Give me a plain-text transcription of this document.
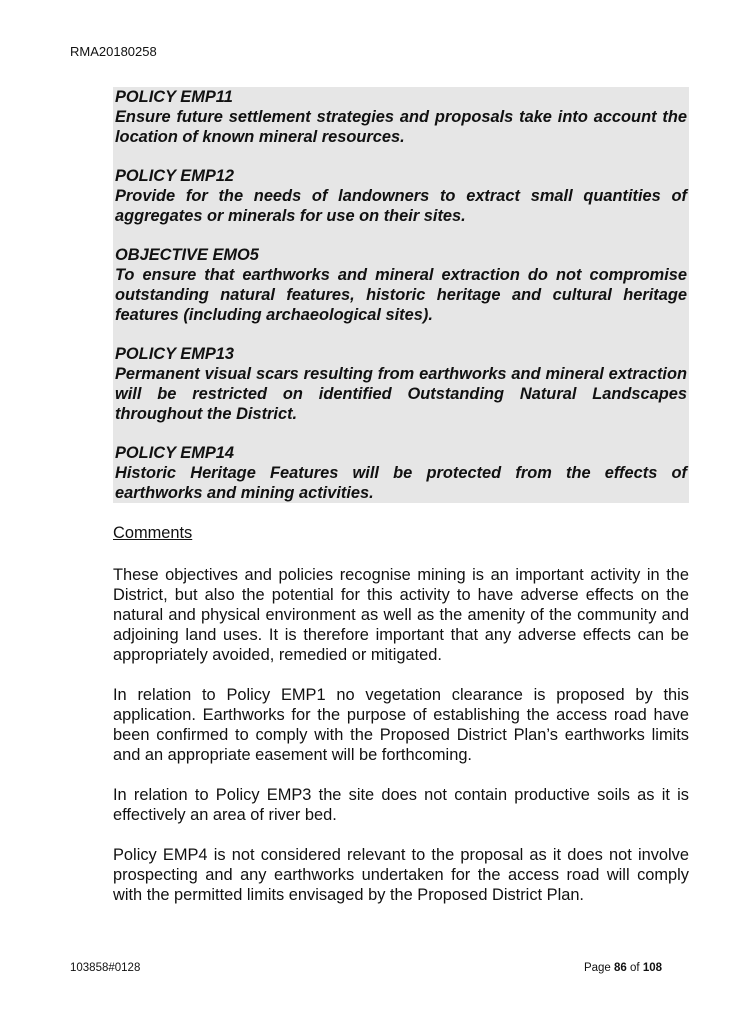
RMA20180258
POLICY EMP11
Ensure future settlement strategies and proposals take into account the location of known mineral resources.
POLICY EMP12
Provide for the needs of landowners to extract small quantities of aggregates or minerals for use on their sites.
OBJECTIVE EMO5
To ensure that earthworks and mineral extraction do not compromise outstanding natural features, historic heritage and cultural heritage features (including archaeological sites).
POLICY EMP13
Permanent visual scars resulting from earthworks and mineral extraction will be restricted on identified Outstanding Natural Landscapes throughout the District.
POLICY EMP14
Historic Heritage Features will be protected from the effects of earthworks and mining activities.
Comments

These objectives and policies recognise mining is an important activity in the District, but also the potential for this activity to have adverse effects on the natural and physical environment as well as the amenity of the community and adjoining land uses. It is therefore important that any adverse effects can be appropriately avoided, remedied or mitigated.

In relation to Policy EMP1 no vegetation clearance is proposed by this application. Earthworks for the purpose of establishing the access road have been confirmed to comply with the Proposed District Plan’s earthworks limits and an appropriate easement will be forthcoming.

In relation to Policy EMP3 the site does not contain productive soils as it is effectively an area of river bed.

Policy EMP4 is not considered relevant to the proposal as it does not involve prospecting and any earthworks undertaken for the access road will comply with the permitted limits envisaged by the Proposed District Plan.

103858#0128	Page 86 of 108
